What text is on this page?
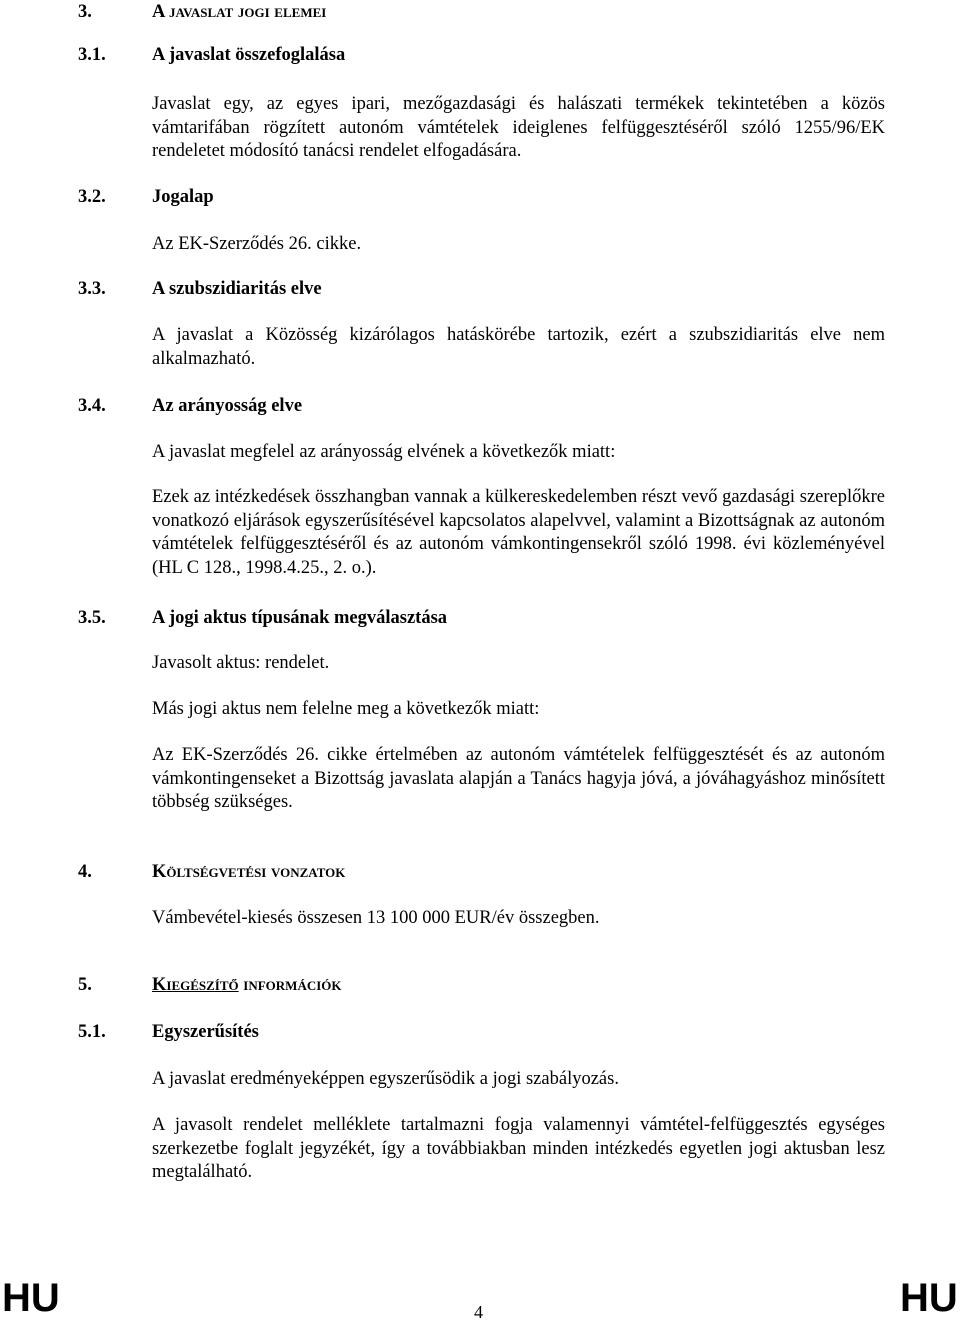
3.	A javaslat jogi elemei
3.1.	A javaslat összefoglalása
Javaslat egy, az egyes ipari, mezőgazdasági és halászati termékek tekintetében a közös vámtarifában rögzített autonóm vámtételek ideiglenes felfüggesztéséről szóló 1255/96/EK rendeletet módosító tanácsi rendelet elfogadására.
3.2.	Jogalap
Az EK-Szerződés 26. cikke.
3.3.	A szubszidiaritás elve
A javaslat a Közösség kizárólagos hatáskörébe tartozik, ezért a szubszidiaritás elve nem alkalmazható.
3.4.	Az arányosság elve
A javaslat megfelel az arányosság elvének a következők miatt:
Ezek az intézkedések összhangban vannak a külkereskedelemben részt vevő gazdasági szereplőkre vonatkozó eljárások egyszerűsítésével kapcsolatos alapelvvel, valamint a Bizottságnak az autonóm vámtételek felfüggesztéséről és az autonóm vámkontingensekről szóló 1998. évi közleményével (HL C 128., 1998.4.25., 2. o.).
3.5.	A jogi aktus típusának megválasztása
Javasolt aktus: rendelet.
Más jogi aktus nem felelne meg a következők miatt:
Az EK-Szerződés 26. cikke értelmében az autonóm vámtételek felfüggesztését és az autonóm vámkontingenseket a Bizottság javaslata alapján a Tanács hagyja jóvá, a jóváhagyáshoz minősített többség szükséges.
4.	Költségvetési vonzatok
Vámbevétel-kiesés összesen 13 100 000 EUR/év összegben.
5.	Kiegészítő információk
5.1.	Egyszerűsítés
A javaslat eredményeképpen egyszerűsödik a jogi szabályozás.
A javasolt rendelet melléklete tartalmazni fogja valamennyi vámtétel-felfüggesztés egységes szerkezetbe foglalt jegyzékét, így a továbbiakban minden intézkedés egyetlen jogi aktusban lesz megtalálható.
HU	4	HU
